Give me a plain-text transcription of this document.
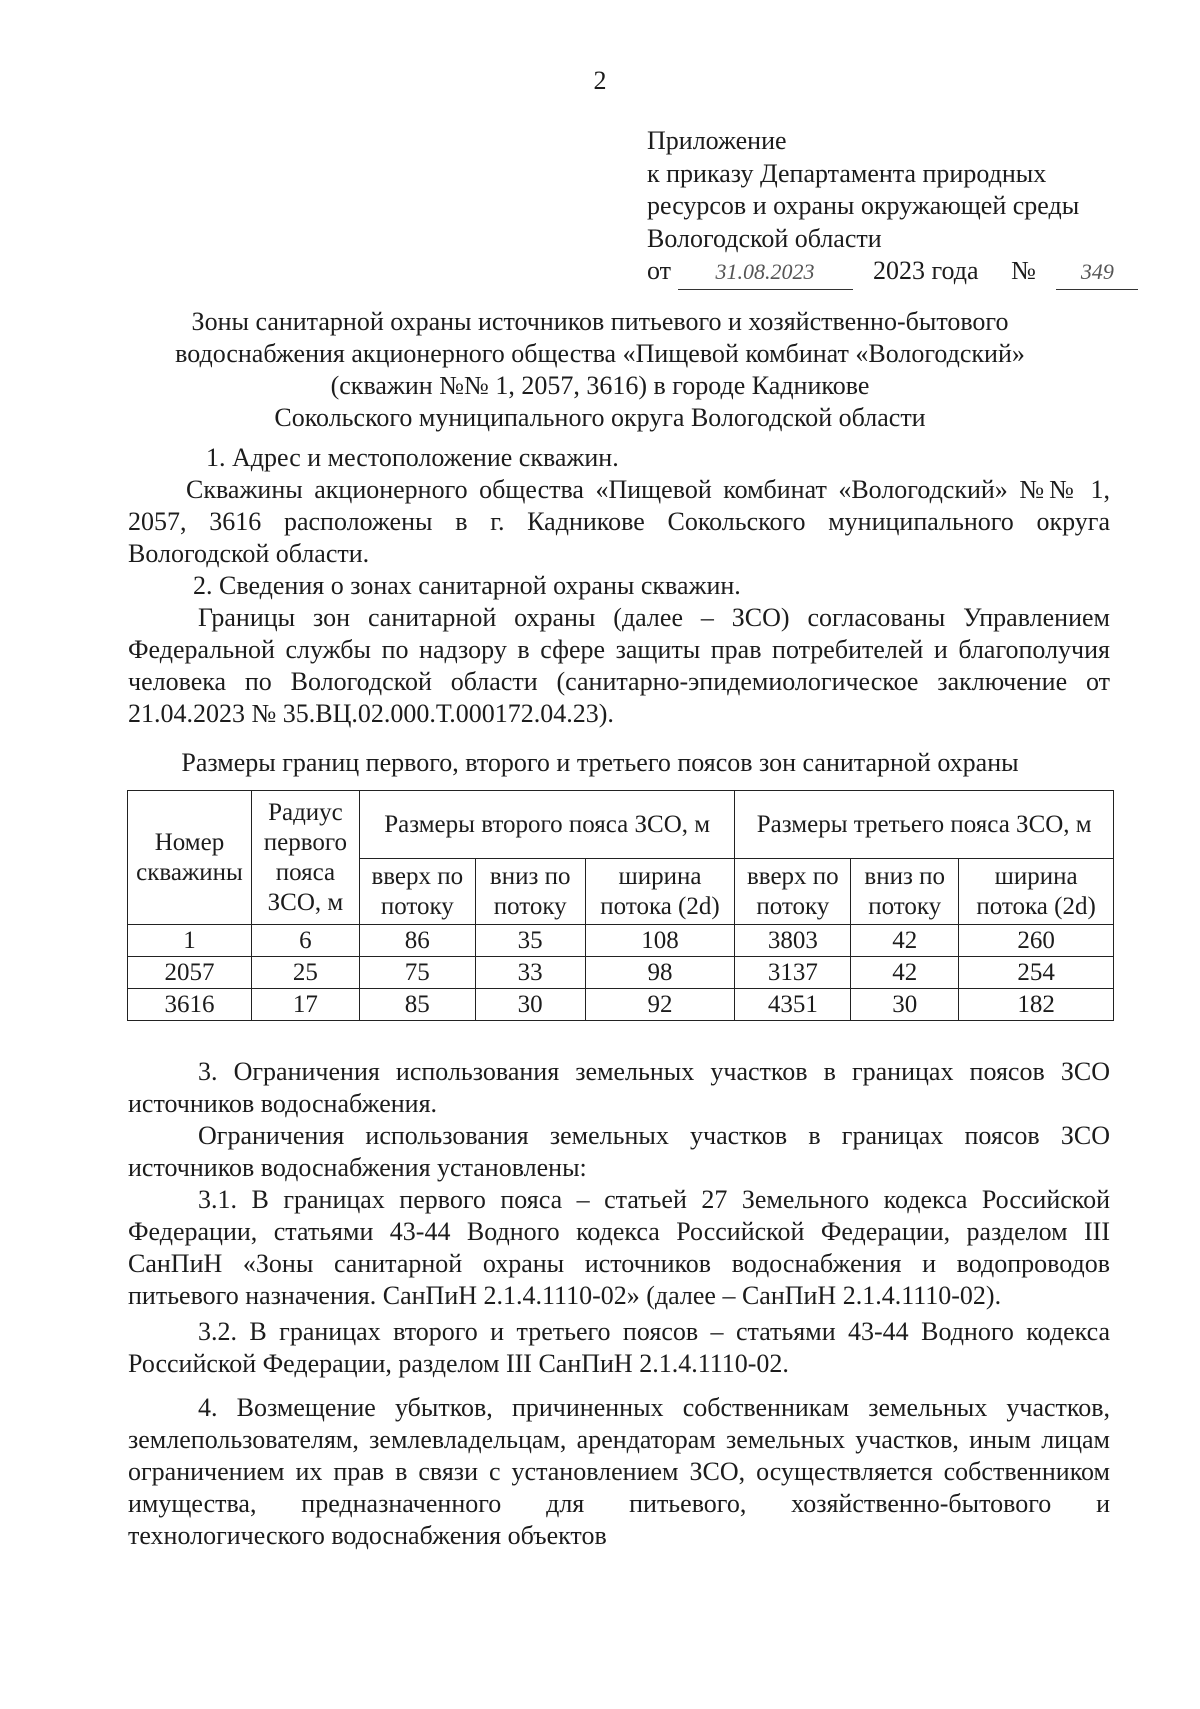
2
Приложение
к приказу Департамента природных
ресурсов и охраны окружающей среды
Вологодской области
от 31.08.2023 2023 года № 349
Зоны санитарной охраны источников питьевого и хозяйственно-бытового
водоснабжения акционерного общества «Пищевой комбинат «Вологодский»
(скважин №№ 1, 2057, 3616) в городе Кадникове
Сокольского муниципального округа Вологодской области

1. Адрес и местоположение скважин.

Скважины акционерного общества «Пищевой комбинат «Вологодский» №№ 1, 2057, 3616 расположены в г. Кадникове Сокольского муниципального округа Вологодской области.

2. Сведения о зонах санитарной охраны скважин.

Границы зон санитарной охраны (далее – ЗСО) согласованы Управлением Федеральной службы по надзору в сфере защиты прав потребителей и благополучия человека по Вологодской области (санитарно-эпидемиологическое заключение от 21.04.2023 № 35.ВЦ.02.000.Т.000172.04.23).

Размеры границ первого, второго и третьего поясов зон санитарной охраны
Номер скважины	Радиус первого пояса ЗСО, м	Размеры второго пояса ЗСО, м			Размеры третьего пояса ЗСО, м		
		вверх по потоку	вниз по потоку	ширина потока (2d)	вверх по потоку	вниз по потоку	ширина потока (2d)
1	6	86	35	108	3803	42	260
2057	25	75	33	98	3137	42	254
3616	17	85	30	92	4351	30	182

3. Ограничения использования земельных участков в границах поясов ЗСО источников водоснабжения.

Ограничения использования земельных участков в границах поясов ЗСО источников водоснабжения установлены:

3.1. В границах первого пояса – статьей 27 Земельного кодекса Российской Федерации, статьями 43-44 Водного кодекса Российской Федерации, разделом III СанПиН «Зоны санитарной охраны источников водоснабжения и водопроводов питьевого назначения. СанПиН 2.1.4.1110-02» (далее – СанПиН 2.1.4.1110-02).

3.2. В границах второго и третьего поясов – статьями 43-44 Водного кодекса Российской Федерации, разделом III СанПиН 2.1.4.1110-02.

4. Возмещение убытков, причиненных собственникам земельных участков, землепользователям, землевладельцам, арендаторам земельных участков, иным лицам ограничением их прав в связи с установлением ЗСО, осуществляется собственником имущества, предназначенного для питьевого, хозяйственно-бытового и технологического водоснабжения объектов
